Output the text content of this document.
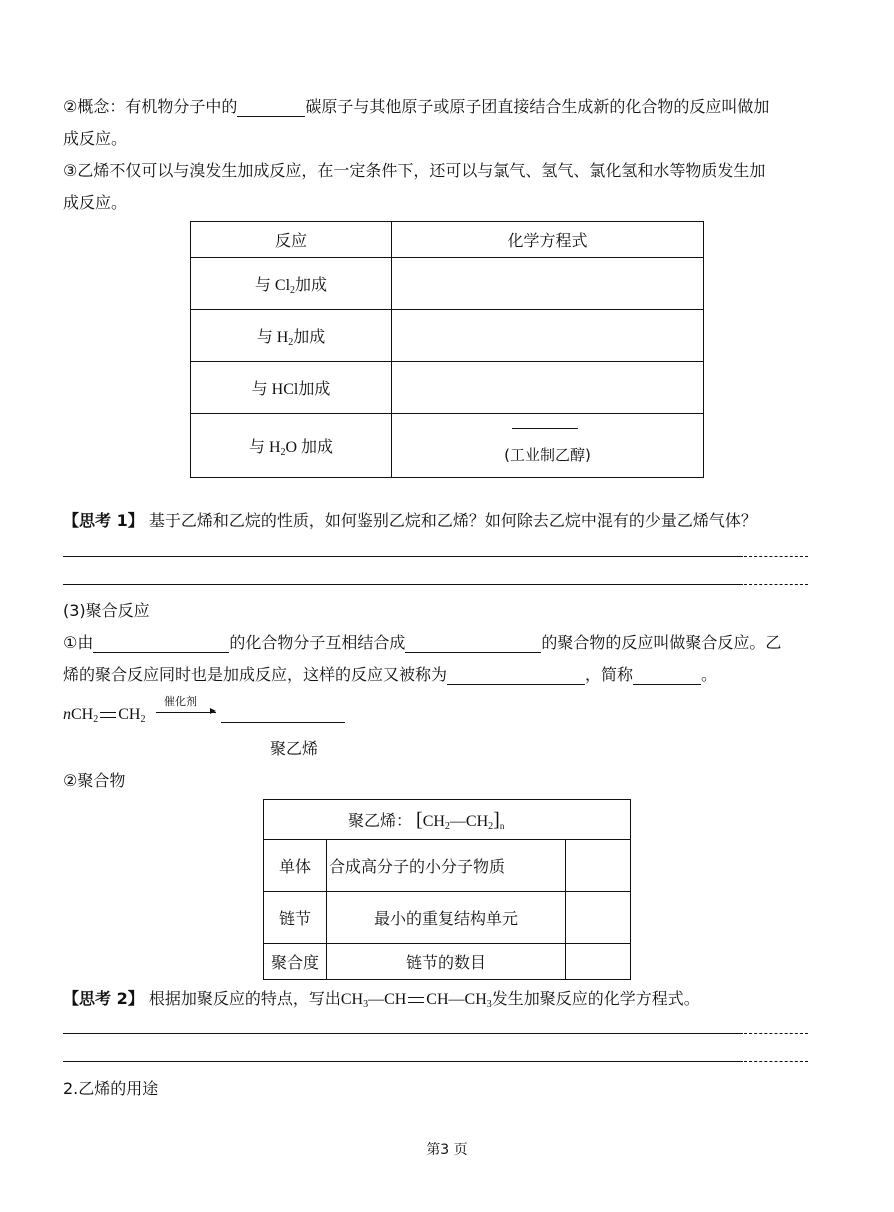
②概念：有机物分子中的	碳原子与其他原子或原子团直接结合生成新的化合物的反应叫做加
成反应。
③乙烯不仅可以与溴发生加成反应，在一定条件下，还可以与氯气、氢气、氯化氢和水等物质发生加
成反应。
反应	化学方程式
与 $Cl_2$加成	
与 $H_2$加成	
与 HCl加成	
与 $H_2O$ 加成	(工业制乙醇)
【思考 1】 基于乙烯和乙烷的性质，如何鉴别乙烷和乙烯？如何除去乙烷中混有的少量乙烯气体？
(3)聚合反应
①由	的化合物分子互相结合成	的聚合物的反应叫做聚合反应。乙
烯的聚合反应同时也是加成反应，这样的反应又被称为	，简称	。
nCH$_2$ $CH_2$
催化剂
聚乙烯
②聚合物
聚乙烯： $[CH_2—CH_2]_n$
单体	合成高分子的小分子物质	
链节	最小的重复结构单元	
聚合度	链节的数目	
【思考 2】 根据加聚反应的特点，写出$CH_3—CH$ $CH—CH_3$发生加聚反应的化学方程式。
2.乙烯的用途
第3 页
